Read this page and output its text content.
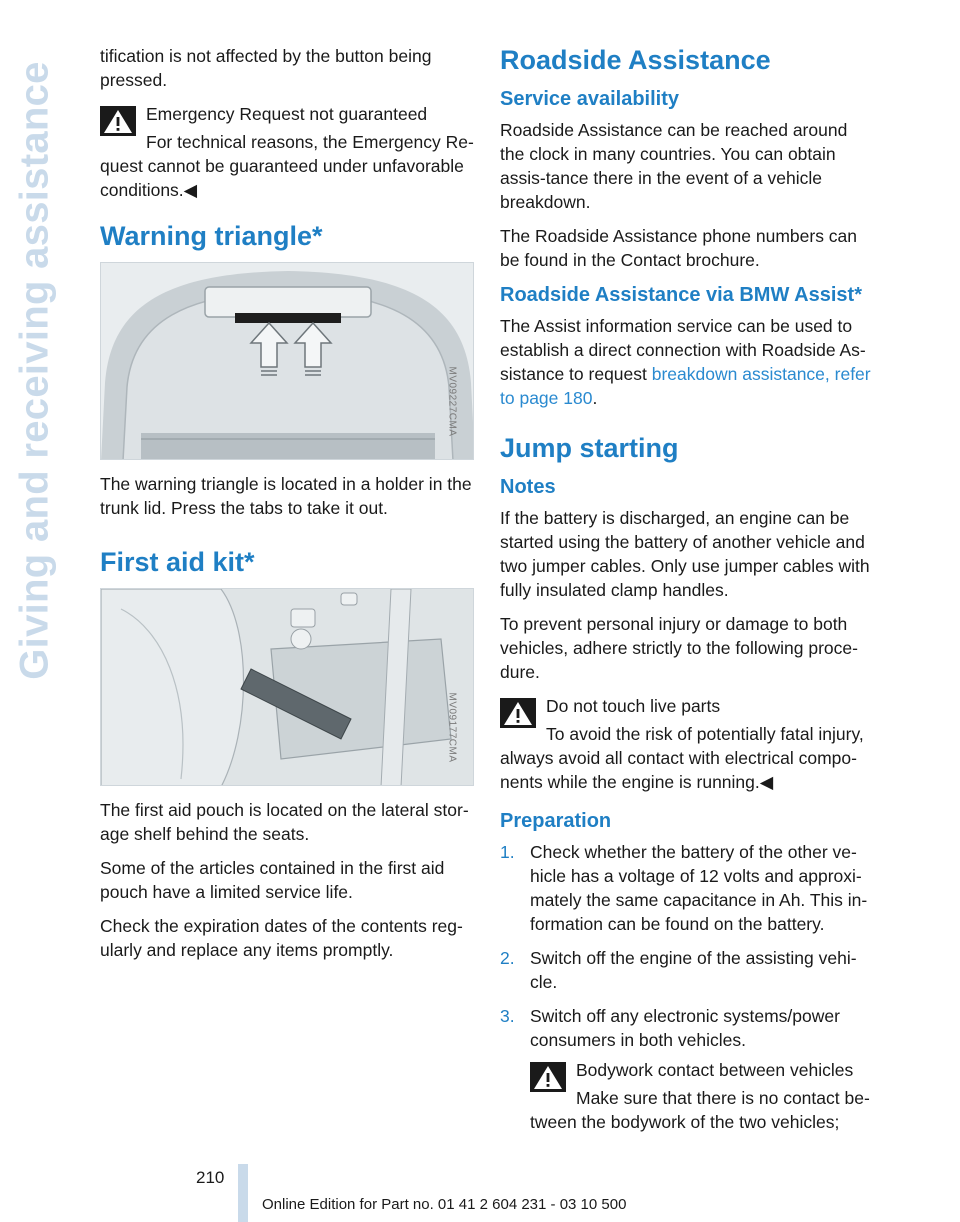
Giving and receiving assistance

tification is not affected by the button being pressed.

Emergency Request not guaranteed
For technical reasons, the Emergency Re-
quest cannot be guaranteed under unfavorable conditions.◀
Warning triangle*
MV09227CMA

The warning triangle is located in a holder in the trunk lid. Press the tabs to take it out.

First aid kit*
MV09177CMA

The first aid pouch is located on the lateral stor-age shelf behind the seats.

Some of the articles contained in the first aid pouch have a limited service life.

Check the expiration dates of the contents reg-ularly and replace any items promptly.

Roadside Assistance
Service availability

Roadside Assistance can be reached around the clock in many countries. You can obtain assis-tance there in the event of a vehicle breakdown.

The Roadside Assistance phone numbers can be found in the Contact brochure.

Roadside Assistance via BMW Assist*

The Assist information service can be used to establish a direct connection with Roadside As-sistance to request breakdown assistance, refer to page 180.

Jump starting
Notes

If the battery is discharged, an engine can be started using the battery of another vehicle and two jumper cables. Only use jumper cables with fully insulated clamp handles.

To prevent personal injury or damage to both vehicles, adhere strictly to the following proce-dure.

Do not touch live parts
To avoid the risk of potentially fatal injury,
always avoid all contact with electrical compo-nents while the engine is running.◀
Preparation
1. Check whether the battery of the other ve-hicle has a voltage of 12 volts and approxi-mately the same capacitance in Ah. This in-formation can be found on the battery.
2. Switch off the engine of the assisting vehi-cle.
3. Switch off any electronic systems/power consumers in both vehicles.
Bodywork contact between vehicles
Make sure that there is no contact be-
tween the bodywork of the two vehicles;
210
Online Edition for Part no. 01 41 2 604 231 - 03 10 500
